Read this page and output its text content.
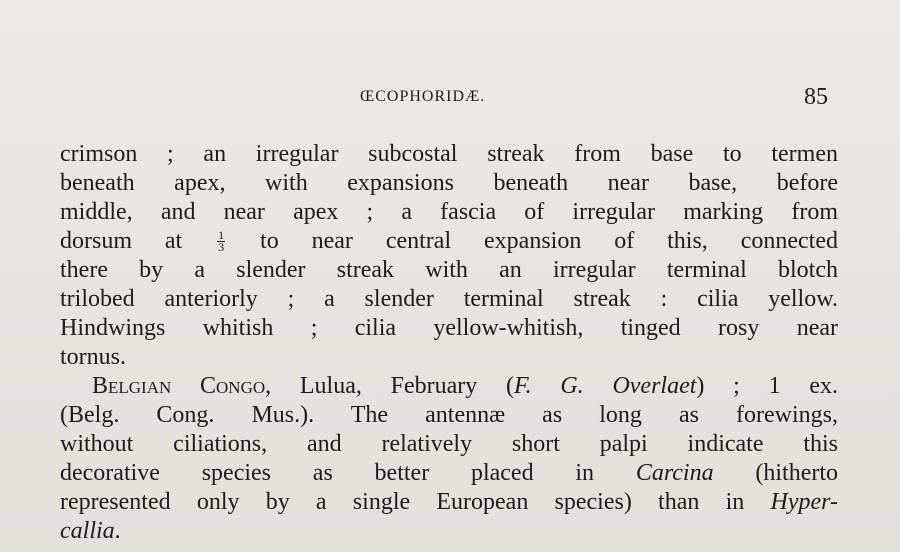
ŒCOPHORIDÆ.	85
crimson ; an irregular subcostal streak from base to termen
beneath apex, with expansions beneath near base, before
middle, and near apex ; a fascia of irregular marking from
dorsum at	$\frac{1}{3}$ to near central expansion of this, connected
there by a slender streak with an irregular terminal blotch
trilobed anteriorly ; a slender terminal streak : cilia yellow.
Hindwings whitish ; cilia yellow-whitish, tinged rosy near
tornus.
Belgian Congo, Lulua, February (F. G. Overlaet) ; 1 ex.
(Belg. Cong. Mus.). The antennæ as long as forewings,
without ciliations, and relatively short palpi indicate this
decorative species as better placed in Carcina (hitherto
represented only by a single European species) than in Hyper-
callia.
